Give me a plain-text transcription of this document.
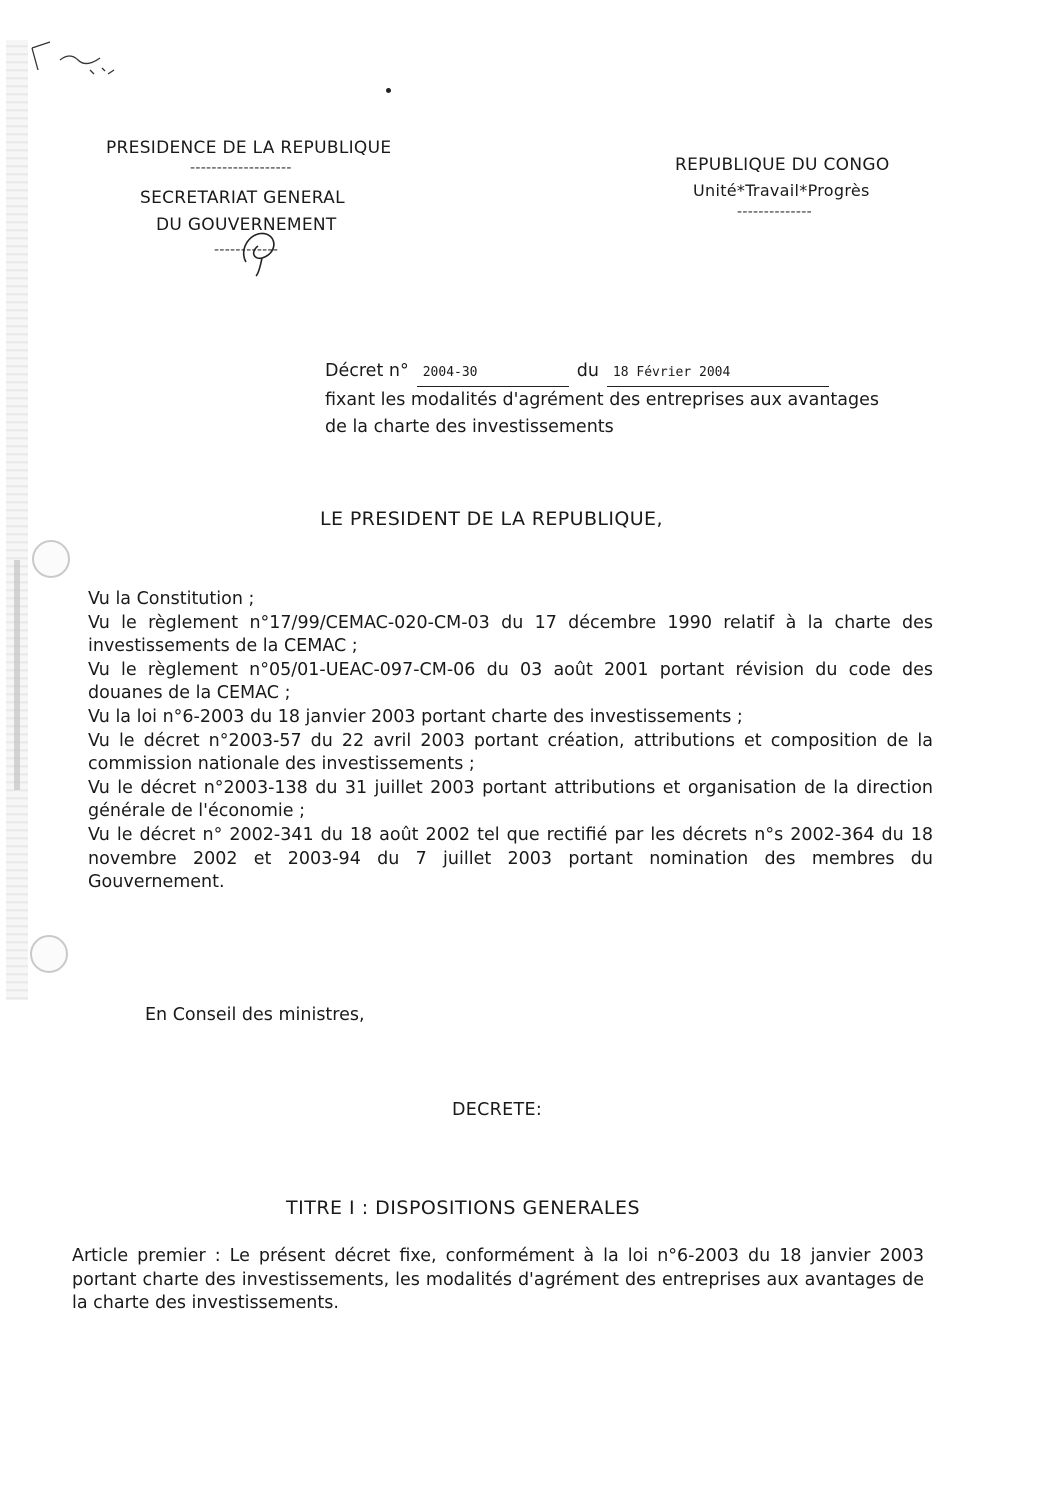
PRESIDENCE DE LA REPUBLIQUE
-------------------
SECRETARIAT GENERAL
DU GOUVERNEMENT
------------
REPUBLIQUE DU CONGO
Unité*Travail*Progrès
--------------
Décret n°	2004-30	du	18 Février 2004
fixant les modalités d'agrément des entreprises aux avantages de la charte des investissements
LE PRESIDENT DE LA REPUBLIQUE,

Vu la Constitution ;

Vu le règlement n°17/99/CEMAC-020-CM-03 du 17 décembre 1990 relatif à la charte des investissements de la CEMAC ;

Vu le règlement n°05/01-UEAC-097-CM-06 du 03 août 2001 portant révision du code des douanes de la CEMAC ;

Vu la loi n°6-2003 du 18 janvier 2003 portant charte des investissements ;

Vu le décret n°2003-57 du 22 avril 2003 portant création, attributions et composition de la commission nationale des investissements ;

Vu le décret n°2003-138 du 31 juillet 2003 portant attributions et organisation de la direction générale de l'économie ;

Vu le décret n° 2002-341 du 18 août 2002 tel que rectifié par les décrets n°s 2002-364 du 18 novembre 2002 et 2003-94 du 7 juillet 2003 portant nomination des membres du Gouvernement.

En Conseil des ministres,
DECRETE:
TITRE I : DISPOSITIONS GENERALES

Article premier : Le présent décret fixe, conformément à la loi n°6-2003 du 18 janvier 2003 portant charte des investissements, les modalités d'agrément des entreprises aux avantages de la charte des investissements.
